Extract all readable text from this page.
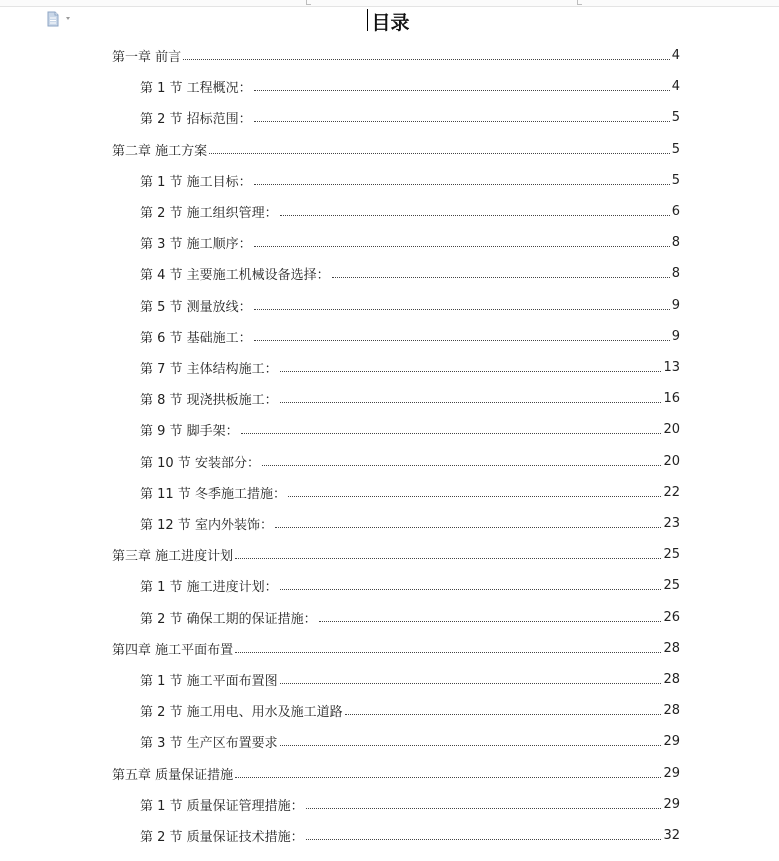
目录
第一章 前言	4
第 1 节 工程概况：	4
第 2 节 招标范围：	5
第二章 施工方案	5
第 1 节 施工目标：	5
第 2 节 施工组织管理：	6
第 3 节 施工顺序：	8
第 4 节 主要施工机械设备选择：	8
第 5 节 测量放线：	9
第 6 节 基础施工：	9
第 7 节 主体结构施工：	13
第 8 节 现浇拱板施工：	16
第 9 节 脚手架：	20
第 10 节 安装部分：	20
第 11 节 冬季施工措施：	22
第 12 节 室内外装饰：	23
第三章 施工进度计划	25
第 1 节 施工进度计划：	25
第 2 节 确保工期的保证措施：	26
第四章 施工平面布置	28
第 1 节 施工平面布置图	28
第 2 节 施工用电、用水及施工道路	28
第 3 节 生产区布置要求	29
第五章 质量保证措施	29
第 1 节 质量保证管理措施：	29
第 2 节 质量保证技术措施：	32
